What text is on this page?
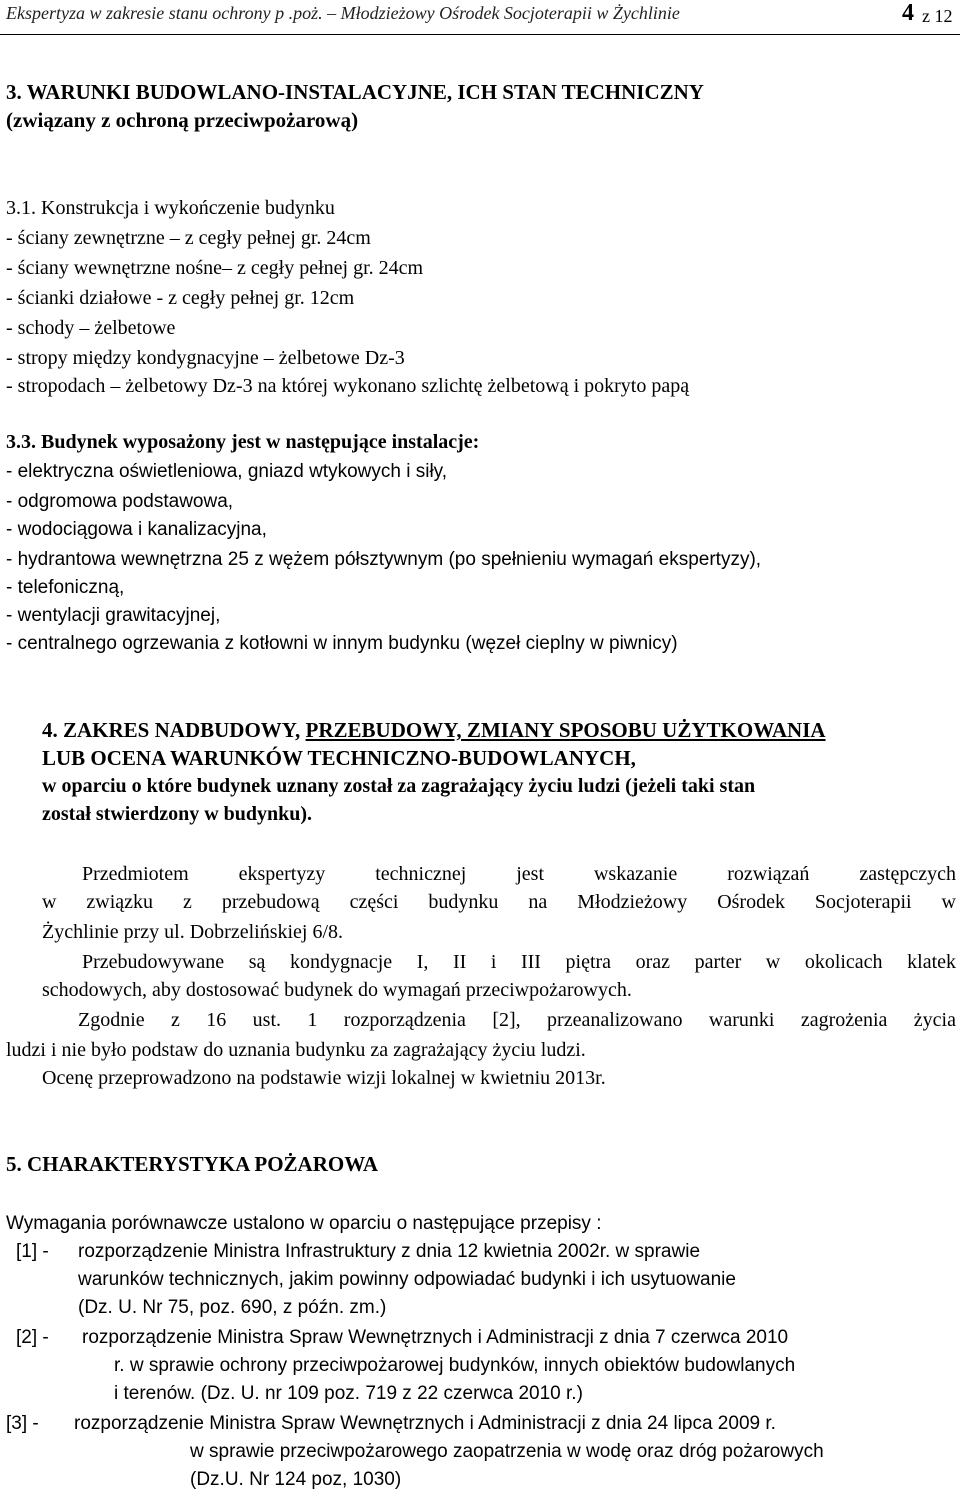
Ekspertyza w zakresie stanu ochrony p .poż. – Młodzieżowy Ośrodek Socjoterapii w Żychlinie	4 z 12
3. WARUNKI BUDOWLANO-INSTALACYJNE, ICH STAN TECHNICZNY
(związany z ochroną przeciwpożarową)
3.1. Konstrukcja i wykończenie budynku
- ściany zewnętrzne – z cegły pełnej gr. 24cm
- ściany wewnętrzne nośne– z cegły pełnej gr. 24cm
- ścianki działowe - z cegły pełnej gr. 12cm
- schody – żelbetowe
- stropy między kondygnacyjne – żelbetowe Dz-3
- stropodach – żelbetowy Dz-3 na której wykonano szlichtę żelbetową i pokryto papą
3.3. Budynek wyposażony jest w następujące instalacje:
- elektryczna oświetleniowa, gniazd wtykowych i siły,
- odgromowa podstawowa,
- wodociągowa i kanalizacyjna,
- hydrantowa wewnętrzna 25 z wężem półsztywnym (po spełnieniu wymagań ekspertyzy),
- telefoniczną,
- wentylacji grawitacyjnej,
- centralnego ogrzewania z kotłowni w innym budynku (węzeł cieplny w piwnicy)
4. ZAKRES NADBUDOWY, PRZEBUDOWY, ZMIANY SPOSOBU UŻYTKOWANIA
LUB OCENA WARUNKÓW TECHNICZNO-BUDOWLANYCH,
w oparciu o które budynek uznany został za zagrażający życiu ludzi (jeżeli taki stan
został stwierdzony w budynku).
Przedmiotem ekspertyzy technicznej jest wskazanie rozwiązań zastępczych
w związku z przebudową części budynku na Młodzieżowy Ośrodek Socjoterapii w
Żychlinie przy ul. Dobrzelińskiej 6/8.
Przebudowywane są kondygnacje I, II i III piętra oraz parter w okolicach klatek
schodowych, aby dostosować budynek do wymagań przeciwpożarowych.
Zgodnie z 16 ust. 1 rozporządzenia [2], przeanalizowano warunki zagrożenia życia
ludzi i nie było podstaw do uznania budynku za zagrażający życiu ludzi.
Ocenę przeprowadzono na podstawie wizji lokalnej w kwietniu 2013r.
5. CHARAKTERYSTYKA POŻAROWA
Wymagania porównawcze ustalono w oparciu o następujące przepisy :
[1] - rozporządzenie Ministra Infrastruktury z dnia 12 kwietnia 2002r. w sprawie
warunków technicznych, jakim powinny odpowiadać budynki i ich usytuowanie
(Dz. U. Nr 75, poz. 690, z późn. zm.)
[2] - rozporządzenie Ministra Spraw Wewnętrznych i Administracji z dnia 7 czerwca 2010
r. w sprawie ochrony przeciwpożarowej budynków, innych obiektów budowlanych
i terenów. (Dz. U. nr 109 poz. 719 z 22 czerwca 2010 r.)
[3] - rozporządzenie Ministra Spraw Wewnętrznych i Administracji z dnia 24 lipca 2009 r.
w sprawie przeciwpożarowego zaopatrzenia w wodę oraz dróg pożarowych
(Dz.U. Nr 124 poz, 1030)
